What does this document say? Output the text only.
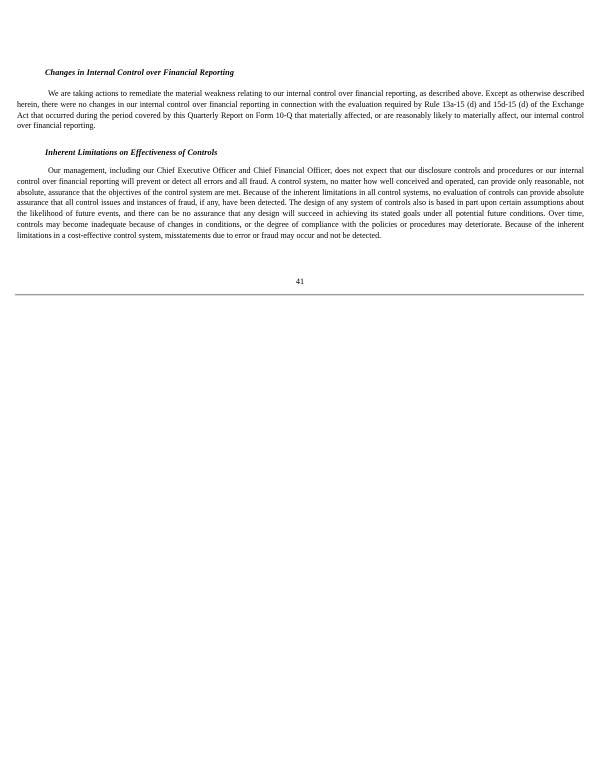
Changes in Internal Control over Financial Reporting

We are taking actions to remediate the material weakness relating to our internal control over financial reporting, as described above. Except as otherwise described herein, there were no changes in our internal control over financial reporting in connection with the evaluation required by Rule 13a-15 (d) and 15d-15 (d) of the Exchange Act that occurred during the period covered by this Quarterly Report on Form 10-Q that materially affected, or are reasonably likely to materially affect, our internal control over financial reporting.

Inherent Limitations on Effectiveness of Controls

Our management, including our Chief Executive Officer and Chief Financial Officer, does not expect that our disclosure controls and procedures or our internal control over financial reporting will prevent or detect all errors and all fraud. A control system, no matter how well conceived and operated, can provide only reasonable, not absolute, assurance that the objectives of the control system are met. Because of the inherent limitations in all control systems, no evaluation of controls can provide absolute assurance that all control issues and instances of fraud, if any, have been detected. The design of any system of controls also is based in part upon certain assumptions about the likelihood of future events, and there can be no assurance that any design will succeed in achieving its stated goals under all potential future conditions. Over time, controls may become inadequate because of changes in conditions, or the degree of compliance with the policies or procedures may deteriorate. Because of the inherent limitations in a cost-effective control system, misstatements due to error or fraud may occur and not be detected.

41
